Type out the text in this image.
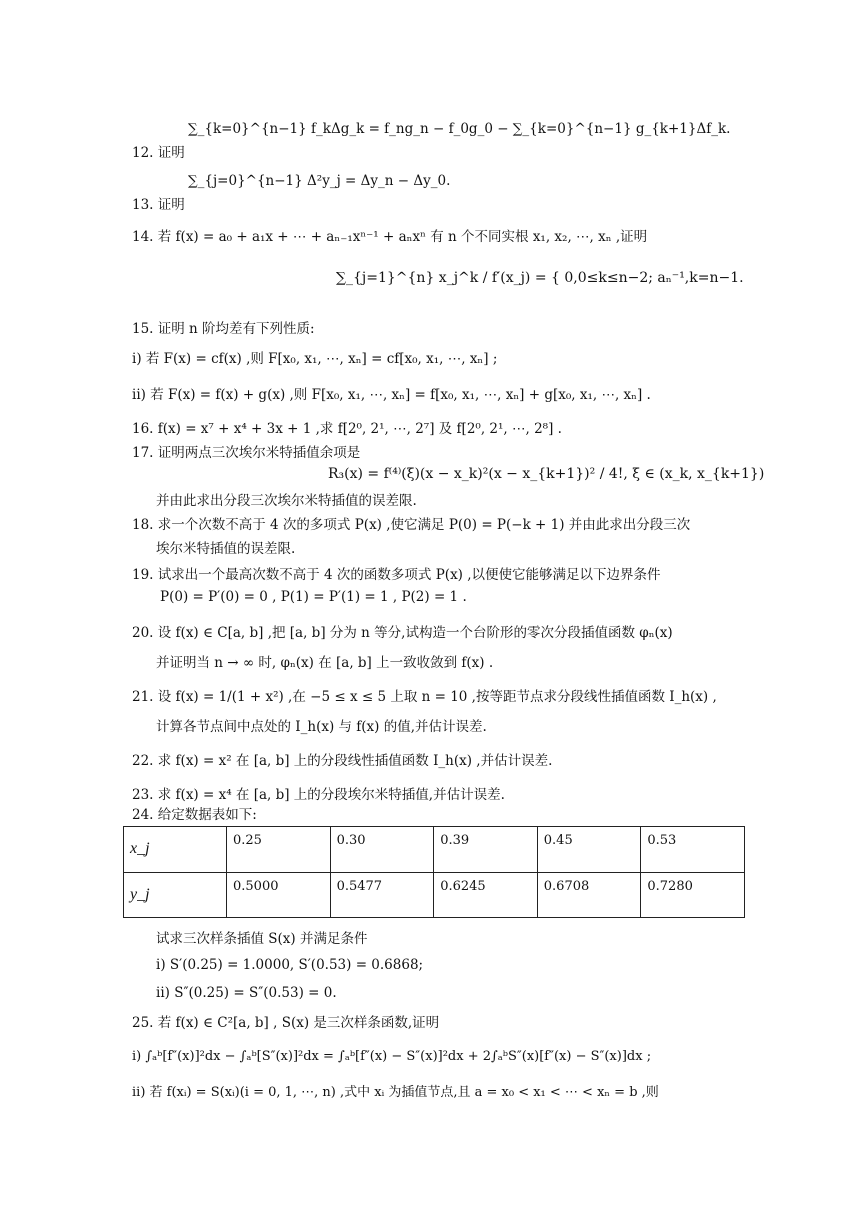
∑_{k=0}^{n−1} f_kΔg_k = f_ng_n − f_0g_0 − ∑_{k=0}^{n−1} g_{k+1}Δf_k.
12. 证明
∑_{j=0}^{n−1} Δ²y_j = Δy_n − Δy_0.
13. 证明
14. 若 f(x) = a₀ + a₁x + ⋯ + aₙ₋₁xⁿ⁻¹ + aₙxⁿ 有 n 个不同实根 x₁, x₂, ⋯, xₙ ,证明
∑_{j=1}^{n} x_j^k / f′(x_j) = { 0,0≤k≤n−2; aₙ⁻¹,k=n−1.
15. 证明 n 阶均差有下列性质:
i) 若 F(x) = cf(x) ,则 F[x₀, x₁, ⋯, xₙ] = cf[x₀, x₁, ⋯, xₙ] ;
ii) 若 F(x) = f(x) + g(x) ,则 F[x₀, x₁, ⋯, xₙ] = f[x₀, x₁, ⋯, xₙ] + g[x₀, x₁, ⋯, xₙ] .
16. f(x) = x⁷ + x⁴ + 3x + 1 ,求 f[2⁰, 2¹, ⋯, 2⁷] 及 f[2⁰, 2¹, ⋯, 2⁸] .
17. 证明两点三次埃尔米特插值余项是
R₃(x) = f⁽⁴⁾(ξ)(x − x_k)²(x − x_{k+1})² / 4!, ξ ∈ (x_k, x_{k+1})
并由此求出分段三次埃尔米特插值的误差限.
18. 求一个次数不高于 4 次的多项式 P(x) ,使它满足 P(0) = P(−k + 1) 并由此求出分段三次
埃尔米特插值的误差限.
19. 试求出一个最高次数不高于 4 次的函数多项式 P(x) ,以便使它能够满足以下边界条件
P(0) = P′(0) = 0 , P(1) = P′(1) = 1 , P(2) = 1 .
20. 设 f(x) ∈ C[a, b] ,把 [a, b] 分为 n 等分,试构造一个台阶形的零次分段插值函数 φₙ(x)
并证明当 n → ∞ 时, φₙ(x) 在 [a, b] 上一致收敛到 f(x) .
21. 设 f(x) = 1/(1 + x²) ,在 −5 ≤ x ≤ 5 上取 n = 10 ,按等距节点求分段线性插值函数 I_h(x) ,
计算各节点间中点处的 I_h(x) 与 f(x) 的值,并估计误差.
22. 求 f(x) = x² 在 [a, b] 上的分段线性插值函数 I_h(x) ,并估计误差.
23. 求 f(x) = x⁴ 在 [a, b] 上的分段埃尔米特插值,并估计误差.
24. 给定数据表如下:
x_j	0.25	0.30	0.39	0.45	0.53
y_j	0.5000	0.5477	0.6245	0.6708	0.7280
试求三次样条插值 S(x) 并满足条件
i) S′(0.25) = 1.0000, S′(0.53) = 0.6868;
ii) S″(0.25) = S″(0.53) = 0.
25. 若 f(x) ∈ C²[a, b] , S(x) 是三次样条函数,证明
i) ∫ₐᵇ[f″(x)]²dx − ∫ₐᵇ[S″(x)]²dx = ∫ₐᵇ[f″(x) − S″(x)]²dx + 2∫ₐᵇS″(x)[f″(x) − S″(x)]dx ;
ii) 若 f(xᵢ) = S(xᵢ)(i = 0, 1, ⋯, n) ,式中 xᵢ 为插值节点,且 a = x₀ < x₁ < ⋯ < xₙ = b ,则
